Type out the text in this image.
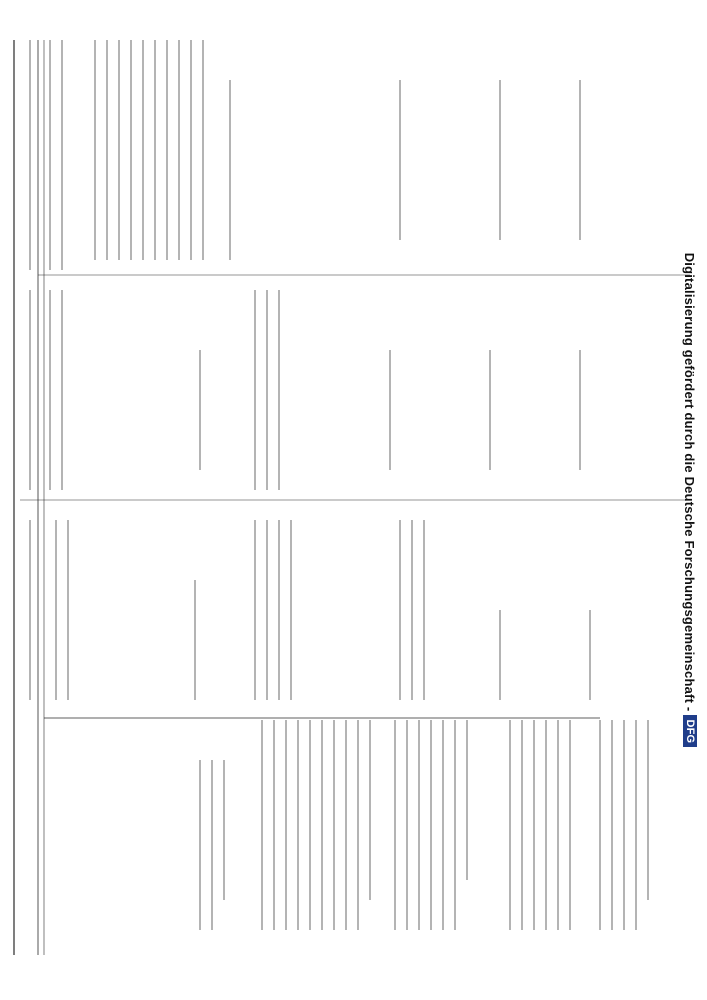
Digitalisierung gefördert durch die Deutsche Forschungsgemeinschaft -
DFG
